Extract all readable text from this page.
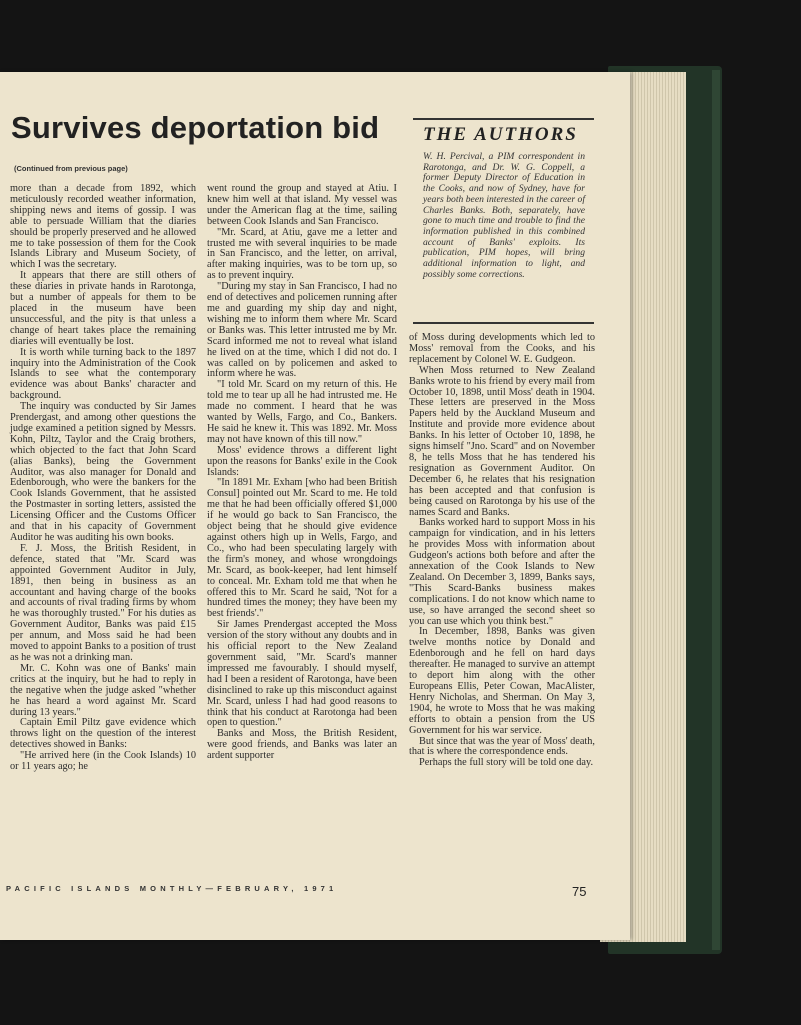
Survives deportation bid
(Continued from previous page)
THE AUTHORS

W. H. Percival, a PIM correspondent in Rarotonga, and Dr. W. G. Coppell, a former Deputy Director of Education in the Cooks, and now of Sydney, have for years both been interested in the career of Charles Banks. Both, separately, have gone to much time and trouble to find the information published in this combined account of Banks' exploits. Its publication, PIM hopes, will bring additional information to light, and possibly some corrections.

more than a decade from 1892, which meticulously recorded weather information, shipping news and items of gossip. I was able to persuade William that the diaries should be properly preserved and he allowed me to take possession of them for the Cook Islands Library and Museum Society, of which I was the secretary.

It appears that there are still others of these diaries in private hands in Rarotonga, but a number of appeals for them to be placed in the museum have been unsuccessful, and the pity is that unless a change of heart takes place the remaining diaries will eventually be lost.

It is worth while turning back to the 1897 inquiry into the Administration of the Cook Islands to see what the contemporary evidence was about Banks' character and background.

The inquiry was conducted by Sir James Prendergast, and among other questions the judge examined a petition signed by Messrs. Kohn, Piltz, Taylor and the Craig brothers, which objected to the fact that John Scard (alias Banks), being the Government Auditor, was also manager for Donald and Edenborough, who were the bankers for the Cook Islands Government, that he assisted the Postmaster in sorting letters, assisted the Licensing Officer and the Customs Officer and that in his capacity of Government Auditor he was auditing his own books.

F. J. Moss, the British Resident, in defence, stated that "Mr. Scard was appointed Government Auditor in July, 1891, then being in business as an accountant and having charge of the books and accounts of rival trading firms by whom he was thoroughly trusted." For his duties as Government Auditor, Banks was paid £15 per annum, and Moss said he had been moved to appoint Banks to a position of trust as he was not a drinking man.

Mr. C. Kohn was one of Banks' main critics at the inquiry, but he had to reply in the negative when the judge asked "whether he has heard a word against Mr. Scard during 13 years."

Captain Emil Piltz gave evidence which throws light on the question of the interest detectives showed in Banks:

"He arrived here (in the Cook Islands) 10 or 11 years ago; he

went round the group and stayed at Atiu. I knew him well at that island. My vessel was under the American flag at the time, sailing between Cook Islands and San Francisco.

"Mr. Scard, at Atiu, gave me a letter and trusted me with several inquiries to be made in San Francisco, and the letter, on arrival, after making inquiries, was to be torn up, so as to prevent inquiry.

"During my stay in San Francisco, I had no end of detectives and policemen running after me and guarding my ship day and night, wishing me to inform them where Mr. Scard or Banks was. This letter intrusted me by Mr. Scard informed me not to reveal what island he lived on at the time, which I did not do. I was called on by policemen and asked to inform where he was.

"I told Mr. Scard on my return of this. He told me to tear up all he had intrusted me. He made no comment. I heard that he was wanted by Wells, Fargo, and Co., Bankers. He said he knew it. This was 1892. Mr. Moss may not have known of this till now."

Moss' evidence throws a different light upon the reasons for Banks' exile in the Cook Islands:

"In 1891 Mr. Exham [who had been British Consul] pointed out Mr. Scard to me. He told me that he had been officially offered $1,000 if he would go back to San Francisco, the object being that he should give evidence against others high up in Wells, Fargo, and Co., who had been speculating largely with the firm's money, and whose wrongdoings Mr. Scard, as book-keeper, had lent himself to conceal. Mr. Exham told me that when he offered this to Mr. Scard he said, 'Not for a hundred times the money; they have been my best friends'."

Sir James Prendergast accepted the Moss version of the story without any doubts and in his official report to the New Zealand government said, "Mr. Scard's manner impressed me favourably. I should myself, had I been a resident of Rarotonga, have been disinclined to rake up this misconduct against Mr. Scard, unless I had had good reasons to think that his conduct at Rarotonga had been open to question."

Banks and Moss, the British Resident, were good friends, and Banks was later an ardent supporter

of Moss during developments which led to Moss' removal from the Cooks, and his replacement by Colonel W. E. Gudgeon.

When Moss returned to New Zealand Banks wrote to his friend by every mail from October 10, 1898, until Moss' death in 1904. These letters are preserved in the Moss Papers held by the Auckland Museum and Institute and provide more evidence about Banks. In his letter of October 10, 1898, he signs himself "Jno. Scard" and on November 8, he tells Moss that he has tendered his resignation as Government Auditor. On December 6, he relates that his resignation has been accepted and that confusion is being caused on Rarotonga by his use of the names Scard and Banks.

Banks worked hard to support Moss in his campaign for vindication, and in his letters he provides Moss with information about Gudgeon's actions both before and after the annexation of the Cook Islands to New Zealand. On December 3, 1899, Banks says, "This Scard-Banks business makes complications. I do not know which name to use, so have arranged the second sheet so you can use which you think best."

In December, 1898, Banks was given twelve months notice by Donald and Edenborough and he fell on hard days thereafter. He managed to survive an attempt to deport him along with the other Europeans Ellis, Peter Cowan, MacAlister, Henry Nicholas, and Sherman. On May 3, 1904, he wrote to Moss that he was making efforts to obtain a pension from the US Government for his war service.

But since that was the year of Moss' death, that is where the correspondence ends.

Perhaps the full story will be told one day.

PACIFIC ISLANDS MONTHLY—FEBRUARY, 1971	75
